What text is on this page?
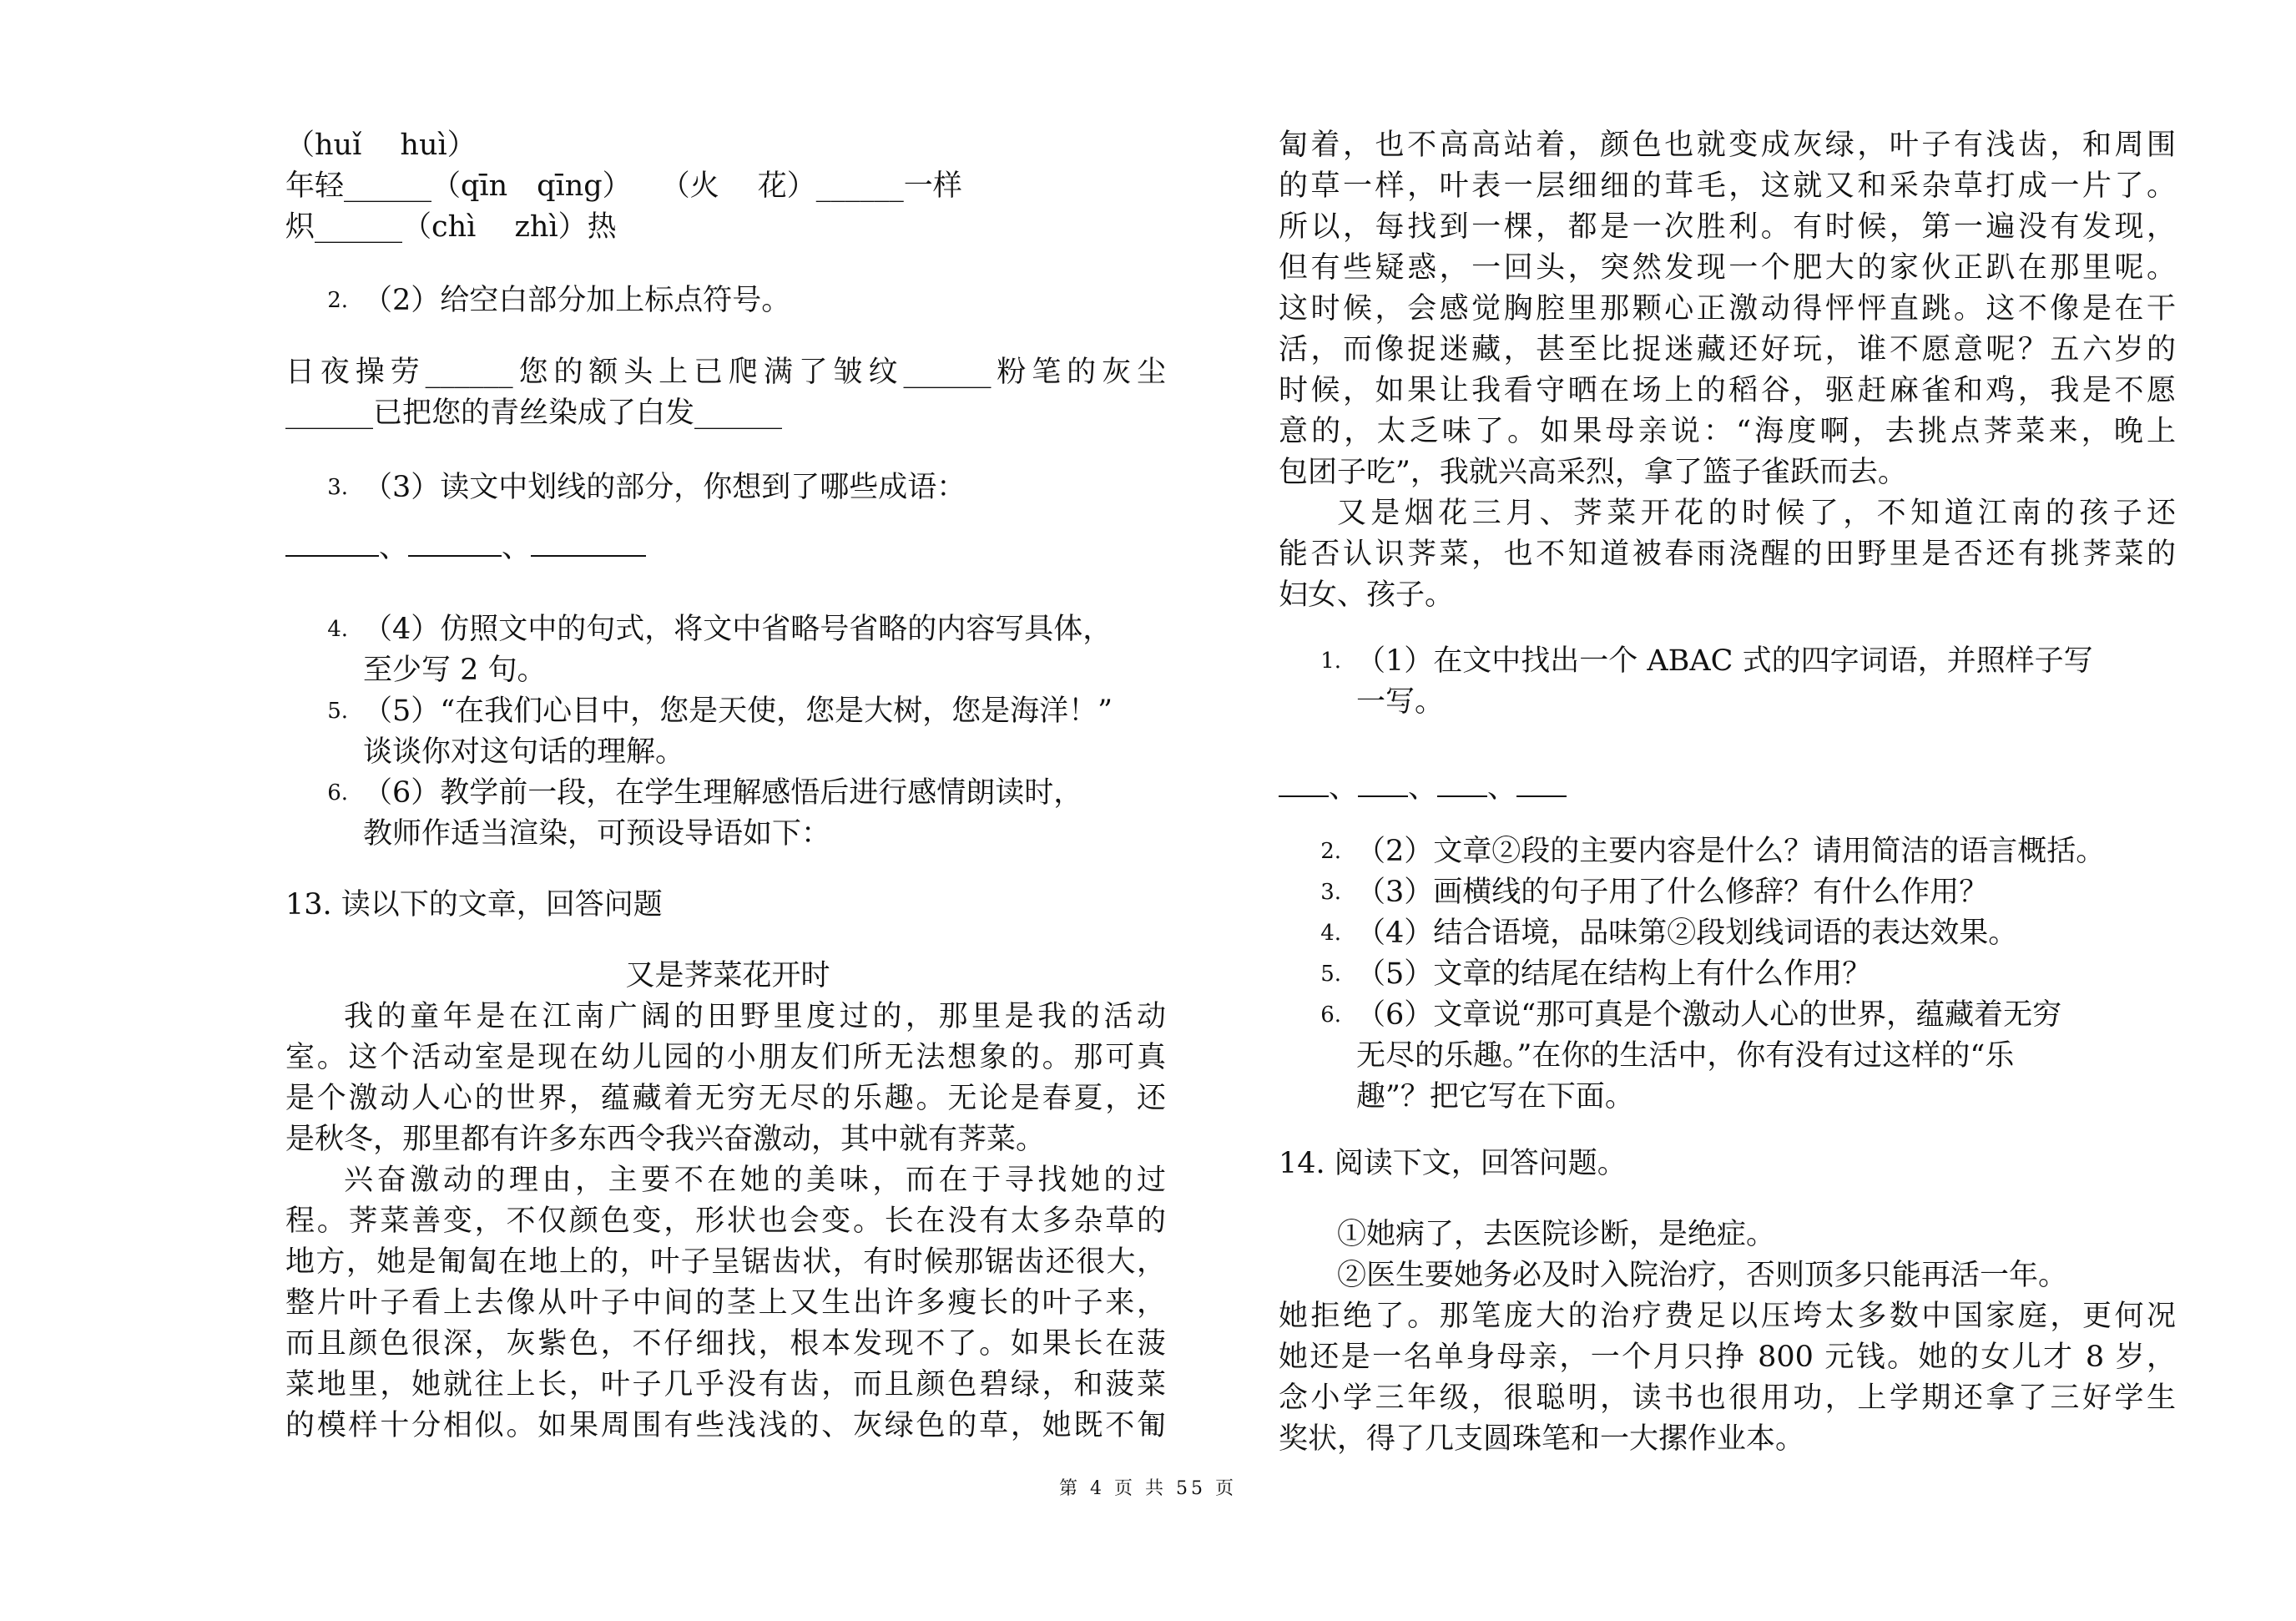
（huǐ　 huì）
年轻______（qīn　qīng）　　（火　 花）______一样
炽______（chì　 zhì）热
2. （2）给空白部分加上标点符号。
日夜操劳______您的额头上已爬满了皱纹______粉笔的灰尘
______已把您的青丝染成了白发______
3. （3）读文中划线的部分，你想到了哪些成语：
、	、
4. （4）仿照文中的句式，将文中省略号省略的内容写具体，
至少写 2 句。
5. （5）“在我们心目中，您是天使，您是大树，您是海洋！”
谈谈你对这句话的理解。
6. （6）教学前一段，在学生理解感悟后进行感情朗读时，
教师作适当渲染，可预设导语如下：
13. 读以下的文章，回答问题
又是荠菜花开时
我的童年是在江南广阔的田野里度过的，那里是我的活动
室。这个活动室是现在幼儿园的小朋友们所无法想象的。那可真
是个激动人心的世界，蕴藏着无穷无尽的乐趣。无论是春夏，还
是秋冬，那里都有许多东西令我兴奋激动，其中就有荠菜。
兴奋激动的理由，主要不在她的美味，而在于寻找她的过
程。荠菜善变，不仅颜色变，形状也会变。长在没有太多杂草的
地方，她是匍匐在地上的，叶子呈锯齿状，有时候那锯齿还很大，
整片叶子看上去像从叶子中间的茎上又生出许多瘦长的叶子来，
而且颜色很深，灰紫色，不仔细找，根本发现不了。如果长在菠
菜地里，她就往上长，叶子几乎没有齿，而且颜色碧绿，和菠菜
的模样十分相似。如果周围有些浅浅的、灰绿色的草，她既不匍
匐着，也不高高站着，颜色也就变成灰绿，叶子有浅齿，和周围
的草一样，叶表一层细细的茸毛，这就又和采杂草打成一片了。
所以，每找到一棵，都是一次胜利。有时候，第一遍没有发现，
但有些疑惑，一回头，突然发现一个肥大的家伙正趴在那里呢。
这时候，会感觉胸腔里那颗心正激动得怦怦直跳。这不像是在干
活，而像捉迷藏，甚至比捉迷藏还好玩，谁不愿意呢？五六岁的
时候，如果让我看守晒在场上的稻谷，驱赶麻雀和鸡，我是不愿
意的，太乏味了。如果母亲说：“海度啊，去挑点荠菜来，晚上
包团子吃”，我就兴高采烈，拿了篮子雀跃而去。
又是烟花三月、荠菜开花的时候了，不知道江南的孩子还
能否认识荠菜，也不知道被春雨浇醒的田野里是否还有挑荠菜的
妇女、孩子。
1. （1）在文中找出一个 ABAC 式的四字词语，并照样子写
一写。
、 、 、
2. （2）文章②段的主要内容是什么？请用简洁的语言概括。
3. （3）画横线的句子用了什么修辞？有什么作用？
4. （4）结合语境，品味第②段划线词语的表达效果。
5. （5）文章的结尾在结构上有什么作用？
6. （6）文章说“那可真是个激动人心的世界，蕴藏着无穷
无尽的乐趣。”在你的生活中，你有没有过这样的“乐
趣”？把它写在下面。
14. 阅读下文，回答问题。
①她病了，去医院诊断，是绝症。
②医生要她务必及时入院治疗，否则顶多只能再活一年。
她拒绝了。那笔庞大的治疗费足以压垮太多数中国家庭，更何况
她还是一名单身母亲，一个月只挣 800 元钱。她的女儿才 8 岁，
念小学三年级，很聪明，读书也很用功，上学期还拿了三好学生
奖状，得了几支圆珠笔和一大摞作业本。
第 4 页 共 55 页
